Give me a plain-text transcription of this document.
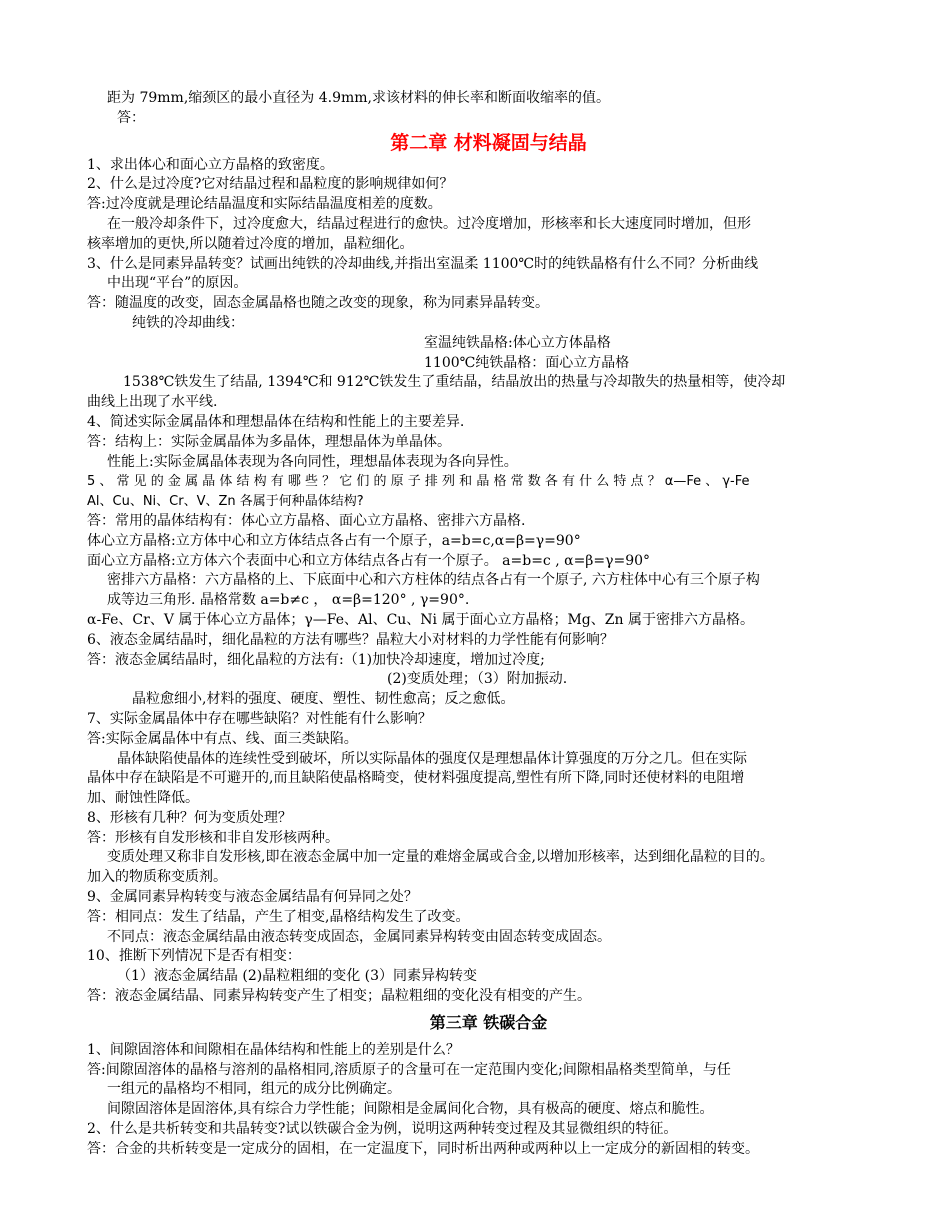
距为 79mm,缩颈区的最小直径为 4.9mm,求该材料的伸长率和断面收缩率的值。
答：
第二章 材料凝固与结晶
1、求出体心和面心立方晶格的致密度。
2、什么是过冷度?它对结晶过程和晶粒度的影响规律如何？
答:过冷度就是理论结晶温度和实际结晶温度相差的度数。
在一般冷却条件下，过冷度愈大，结晶过程进行的愈快。过冷度增加，形核率和长大速度同时增加，但形
核率增加的更快,所以随着过冷度的增加，晶粒细化。
3、什么是同素异晶转变？试画出纯铁的冷却曲线,并指出室温柔 1100℃时的纯铁晶格有什么不同？分析曲线
中出现“平台”的原因。
答：随温度的改变，固态金属晶格也随之改变的现象，称为同素异晶转变。
纯铁的冷却曲线：
室温纯铁晶格:体心立方体晶格
1100℃纯铁晶格：面心立方晶格
1538℃铁发生了结晶, 1394℃和 912℃铁发生了重结晶，结晶放出的热量与冷却散失的热量相等，使冷却
曲线上出现了水平线.
4、简述实际金属晶体和理想晶体在结构和性能上的主要差异.
答：结构上：实际金属晶体为多晶体，理想晶体为单晶体。
性能上:实际金属晶体表现为各向同性，理想晶体表现为各向异性。
5 、 常 见 的 金 属 晶 体 结 构 有 哪 些 ？ 它 们 的 原 子 排 列 和 晶 格 常 数 各 有 什 么 特 点 ？ α—Fe 、 γ-Fe
Al、Cu、Ni、Cr、V、Zn 各属于何种晶体结构?
答：常用的晶体结构有：体心立方晶格、面心立方晶格、密排六方晶格.
体心立方晶格:立方体中心和立方体结点各占有一个原子，a=b=c,α=β=γ=90°
面心立方晶格:立方体六个表面中心和立方体结点各占有一个原子。 a=b=c , α=β=γ=90°
密排六方晶格：六方晶格的上、下底面中心和六方柱体的结点各占有一个原子, 六方柱体中心有三个原子构
成等边三角形. 晶格常数 a=b≠c ， α=β=120° , γ=90°.
α-Fe、Cr、V 属于体心立方晶体；γ—Fe、Al、Cu、Ni 属于面心立方晶格；Mg、Zn 属于密排六方晶格。
6、液态金属结晶时，细化晶粒的方法有哪些？晶粒大小对材料的力学性能有何影响？
答：液态金属结晶时，细化晶粒的方法有:（1)加快冷却速度，增加过冷度;
(2)变质处理；（3）附加振动.
晶粒愈细小,材料的强度、硬度、塑性、韧性愈高；反之愈低。
7、实际金属晶体中存在哪些缺陷？对性能有什么影响？
答:实际金属晶体中有点、线、面三类缺陷。
晶体缺陷使晶体的连续性受到破坏，所以实际晶体的强度仅是理想晶体计算强度的万分之几。但在实际
晶体中存在缺陷是不可避开的,而且缺陷使晶格畸变，使材料强度提高,塑性有所下降,同时还使材料的电阻增
加、耐蚀性降低。
8、形核有几种？何为变质处理？
答：形核有自发形核和非自发形核两种。
变质处理又称非自发形核,即在液态金属中加一定量的难熔金属或合金,以增加形核率，达到细化晶粒的目的。
加入的物质称变质剂。
9、金属同素异构转变与液态金属结晶有何异同之处？
答：相同点：发生了结晶，产生了相变,晶格结构发生了改变。
不同点：液态金属结晶由液态转变成固态，金属同素异构转变由固态转变成固态。
10、推断下列情况下是否有相变：
（1）液态金属结晶 (2)晶粒粗细的变化 (3）同素异构转变
答：液态金属结晶、同素异构转变产生了相变；晶粒粗细的变化没有相变的产生。
第三章 铁碳合金
1、间隙固溶体和间隙相在晶体结构和性能上的差别是什么？
答:间隙固溶体的晶格与溶剂的晶格相同,溶质原子的含量可在一定范围内变化;间隙相晶格类型简单，与任
一组元的晶格均不相同，组元的成分比例确定。
间隙固溶体是固溶体,具有综合力学性能；间隙相是金属间化合物，具有极高的硬度、熔点和脆性。
2、什么是共析转变和共晶转变?试以铁碳合金为例，说明这两种转变过程及其显微组织的特征。
答：合金的共析转变是一定成分的固相，在一定温度下，同时析出两种或两种以上一定成分的新固相的转变。
